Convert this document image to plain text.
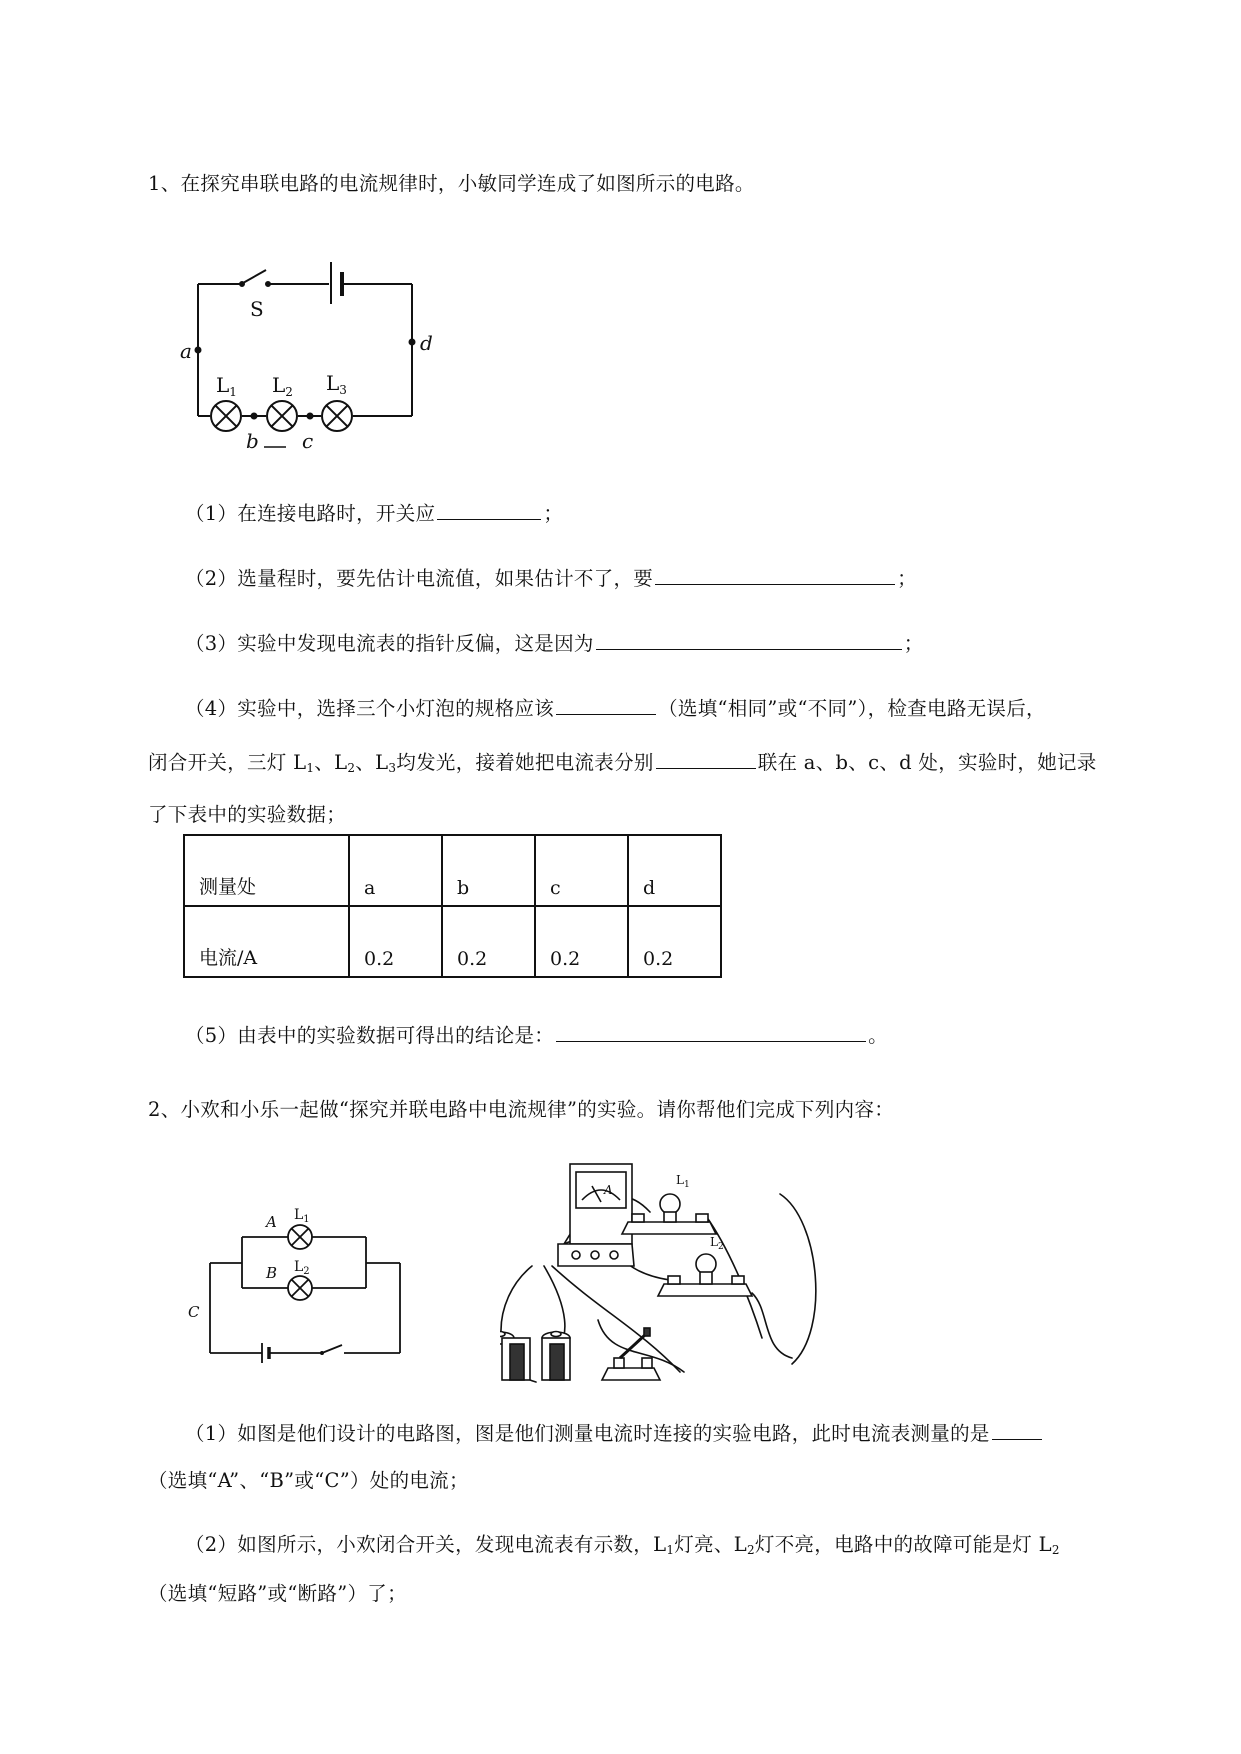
1、在探究串联电路的电流规律时，小敏同学连成了如图所示的电路。
S
a	d
b c
$L_1$ $L_2$ $L_3$
（1）在连接电路时，开关应	；
（2）选量程时，要先估计电流值，如果估计不了，要	；
（3）实验中发现电流表的指针反偏，这是因为	；
（4）实验中，选择三个小灯泡的规格应该	（选填“相同”或“不同”），检查电路无误后，
闭合开关，三灯 $L_1$、$L_2$、$L_3$均发光，接着她把电流表分别	联在 a、b、c、d 处，实验时，她记录
了下表中的实验数据；
测量处	a	b	c	d
电流/A	0.2	0.2	0.2	0.2
（5）由表中的实验数据可得出的结论是：	。
2、小欢和小乐一起做“探究并联电路中电流规律”的实验。请你帮他们完成下列内容：
A
B
C
$L_1$
$L_2$
A
$L_1$
$L_2$
（1）如图是他们设计的电路图，图是他们测量电流时连接的实验电路，此时电流表测量的是
（选填“A”、“B”或“C”）处的电流；
（2）如图所示，小欢闭合开关，发现电流表有示数，$L_1$灯亮、$L_2$灯不亮，电路中的故障可能是灯 $L_2$
（选填“短路”或“断路”）了；
